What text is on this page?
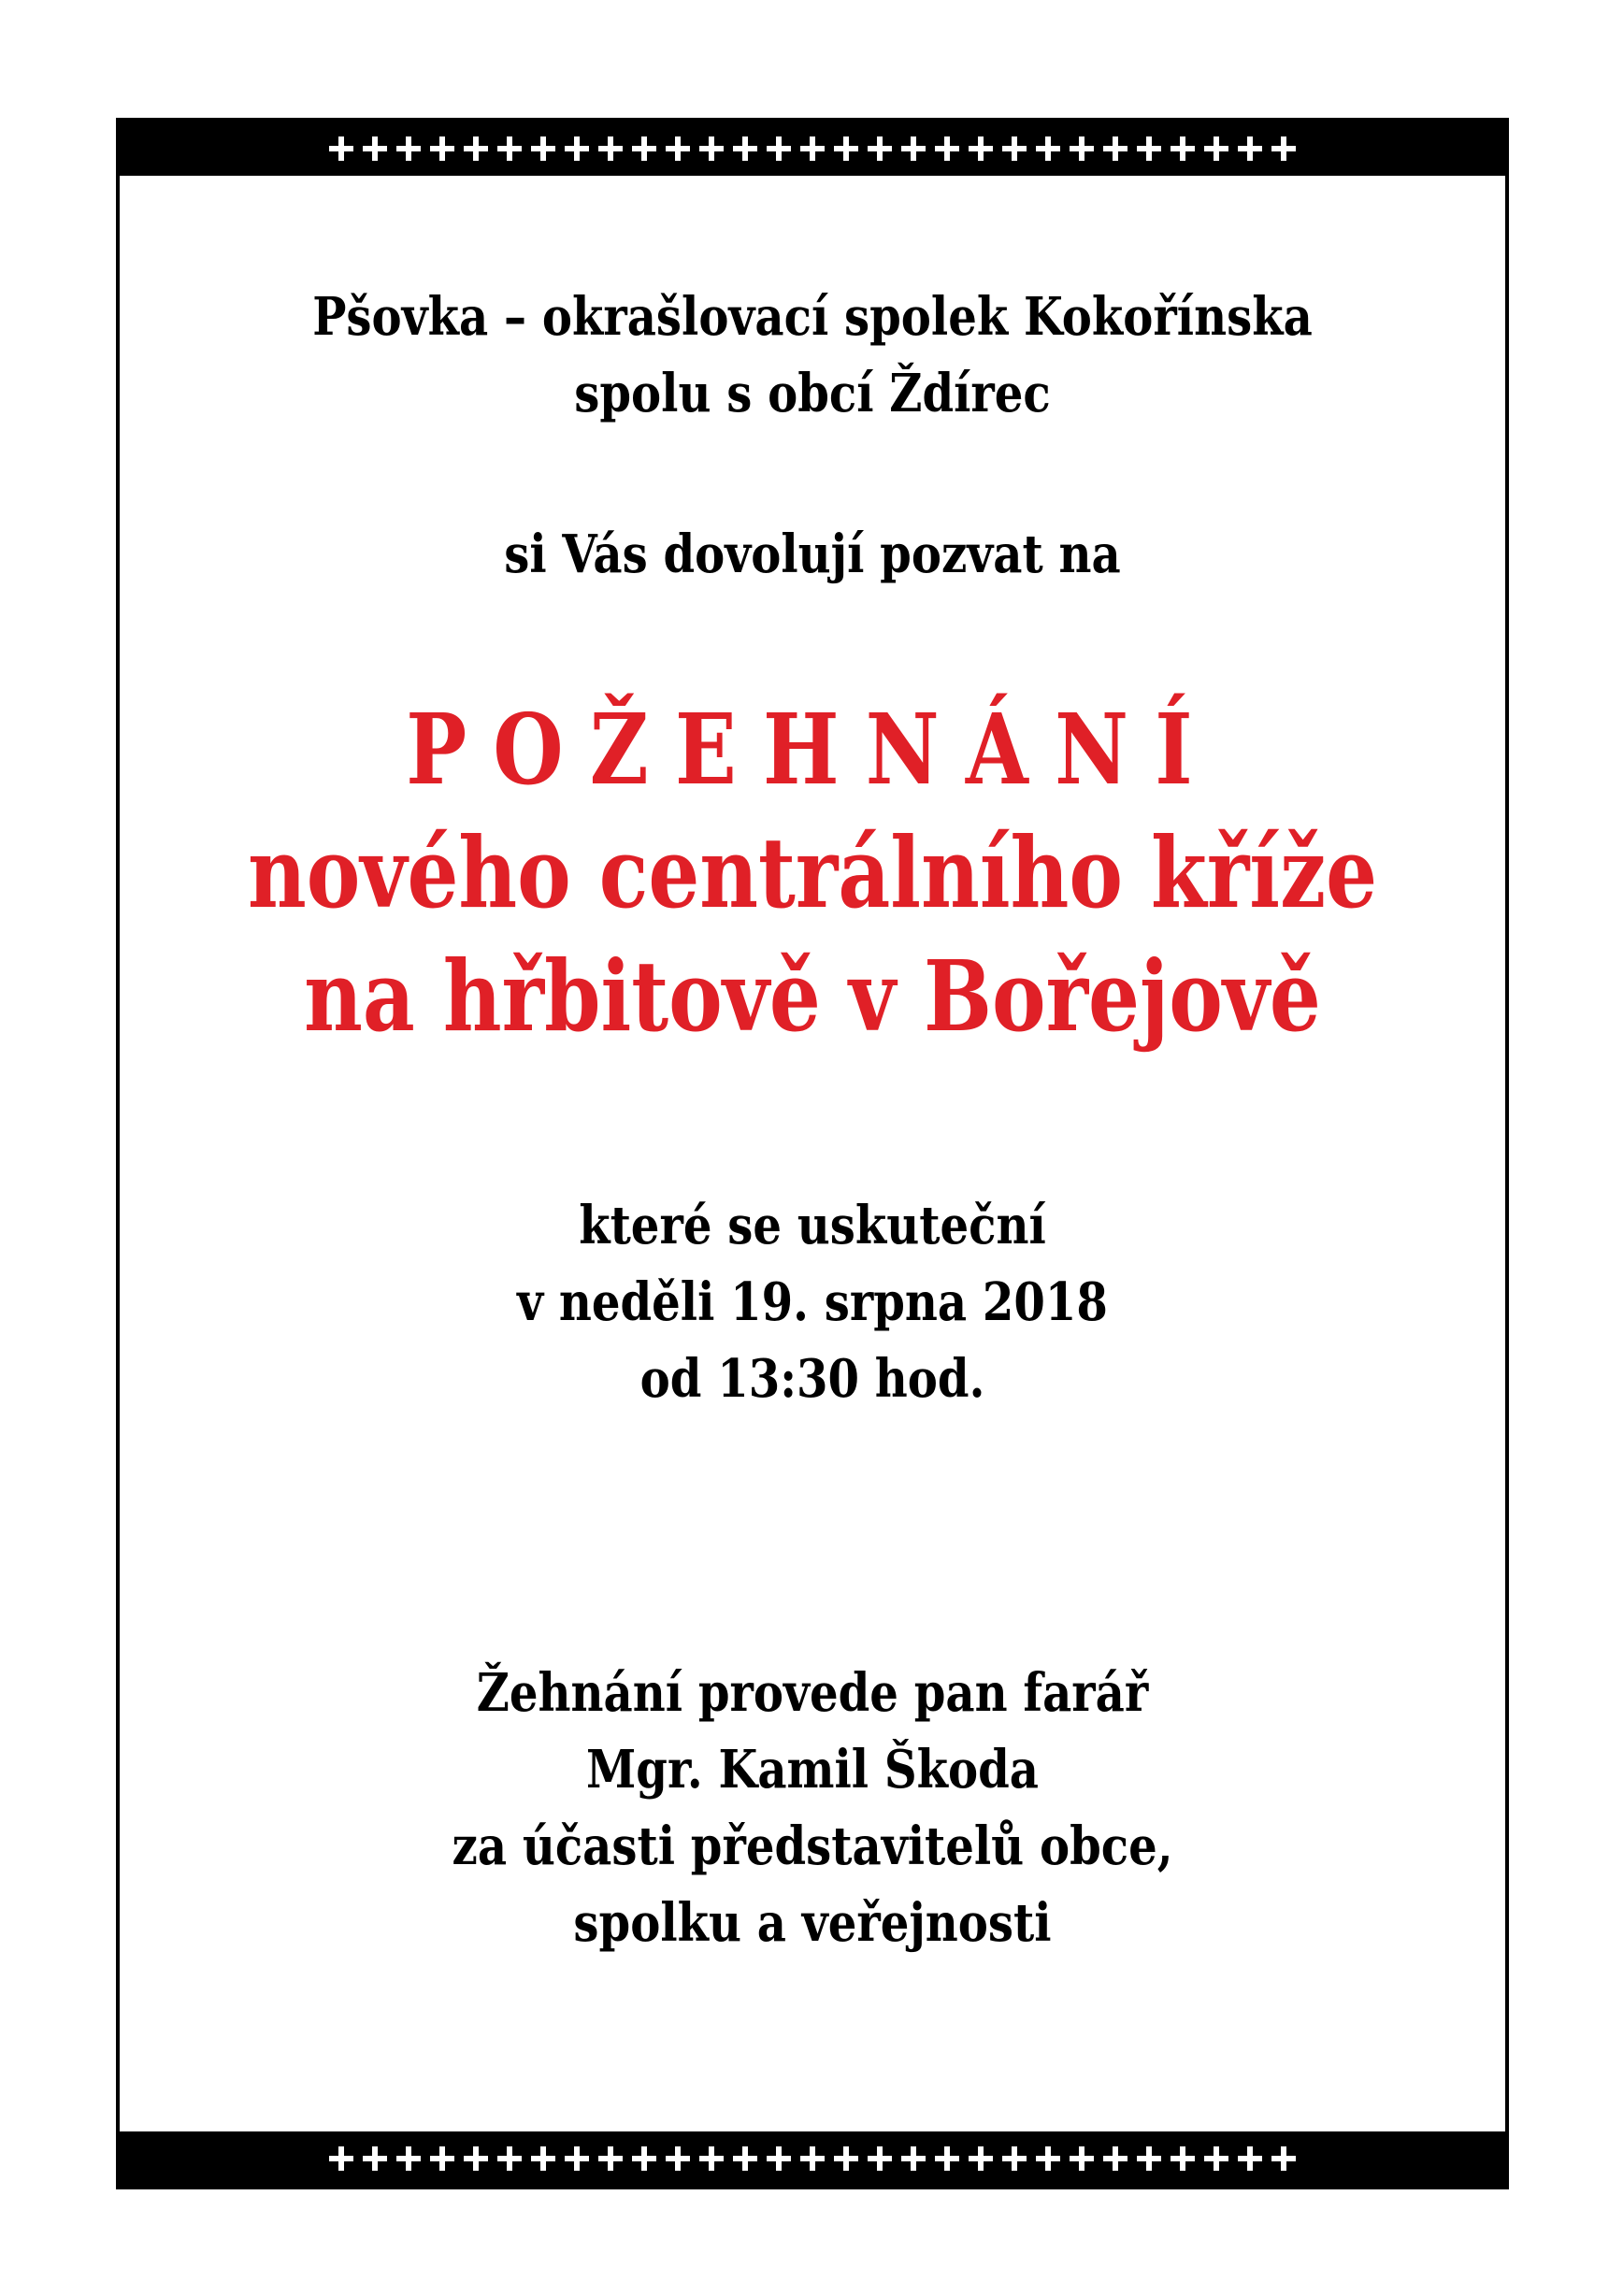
Pšovka – okrašlovací spolek Kokořínska
spolu s obcí Ždírec
si Vás dovolují pozvat na
POŽEHNÁNÍ
nového centrálního kříže
na hřbitově v Bořejově
které se uskuteční
v neděli 19. srpna 2018
od 13:30 hod.
Žehnání provede pan farář
Mgr. Kamil Škoda
za účasti představitelů obce,
spolku a veřejnosti
